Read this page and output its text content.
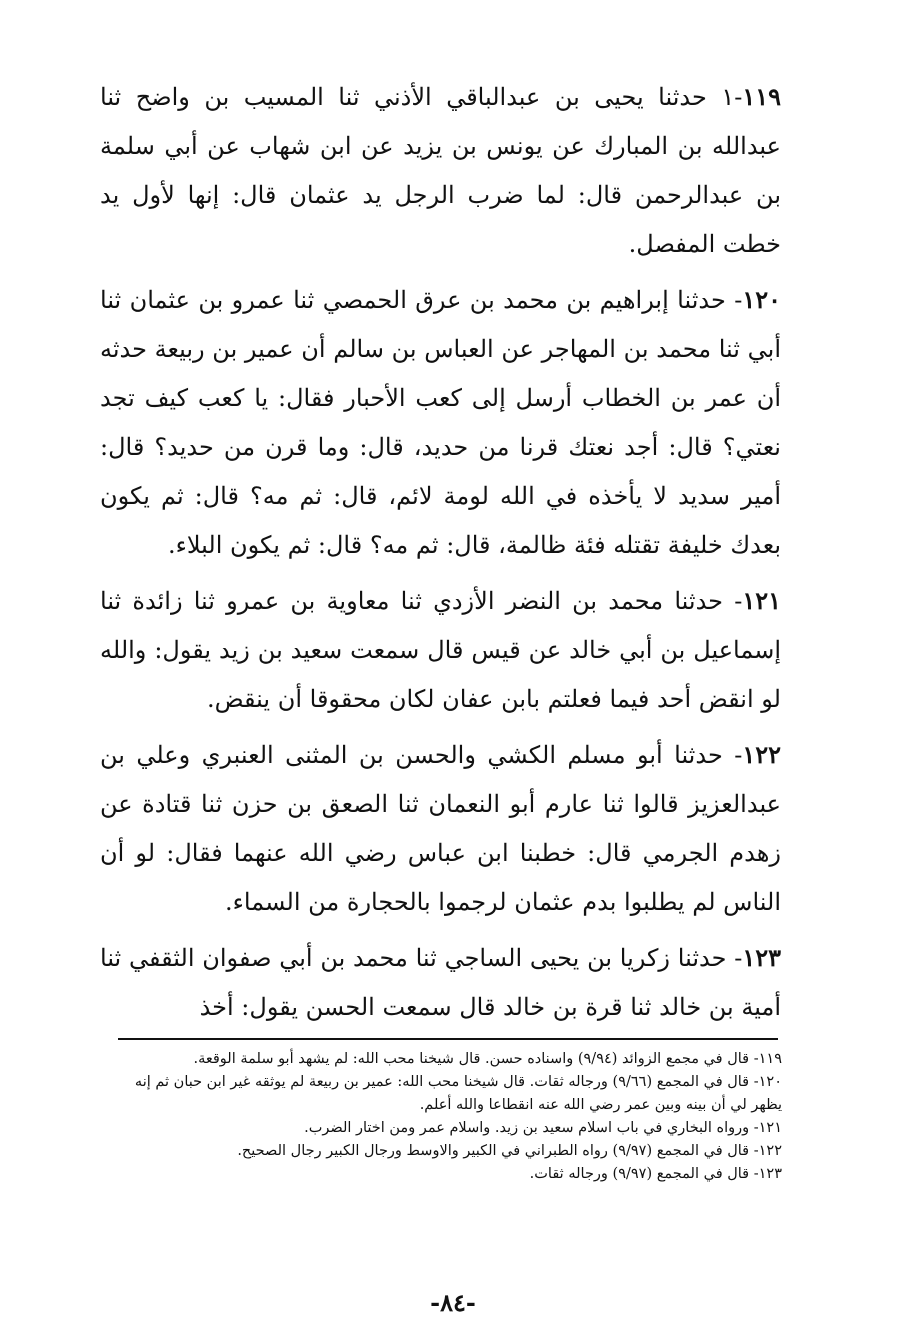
١١٩-١ حدثنا يحيى بن عبدالباقي الأذني ثنا المسيب بن واضح ثنا عبدالله بن المبارك عن يونس بن يزيد عن ابن شهاب عن أبي سلمة بن عبدالرحمن قال: لما ضرب الرجل يد عثمان قال: إنها لأول يد خطت المفصل.

١٢٠- حدثنا إبراهيم بن محمد بن عرق الحمصي ثنا عمرو بن عثمان ثنا أبي ثنا محمد بن المهاجر عن العباس بن سالم أن عمير بن ربيعة حدثه أن عمر بن الخطاب أرسل إلى كعب الأحبار فقال: يا كعب كيف تجد نعتي؟ قال: أجد نعتك قرنا من حديد، قال: وما قرن من حديد؟ قال: أمير سديد لا يأخذه في الله لومة لائم، قال: ثم مه؟ قال: ثم يكون بعدك خليفة تقتله فئة ظالمة، قال: ثم مه؟ قال: ثم يكون البلاء.

١٢١- حدثنا محمد بن النضر الأزدي ثنا معاوية بن عمرو ثنا زائدة ثنا إسماعيل بن أبي خالد عن قيس قال سمعت سعيد بن زيد يقول: والله لو انقض أحد فيما فعلتم بابن عفان لكان محقوقا أن ينقض.

١٢٢- حدثنا أبو مسلم الكشي والحسن بن المثنى العنبري وعلي بن عبدالعزيز قالوا ثنا عارم أبو النعمان ثنا الصعق بن حزن ثنا قتادة عن زهدم الجرمي قال: خطبنا ابن عباس رضي الله عنهما فقال: لو أن الناس لم يطلبوا بدم عثمان لرجموا بالحجارة من السماء.

١٢٣- حدثنا زكريا بن يحيى الساجي ثنا محمد بن أبي صفوان الثقفي ثنا أمية بن خالد ثنا قرة بن خالد قال سمعت الحسن يقول: أخذ

١١٩- قال في مجمع الزوائد (٩/٩٤) واسناده حسن. قال شيخنا محب الله: لم يشهد أبو سلمة الوقعة.

١٢٠- قال في المجمع (٩/٦٦) ورجاله ثقات. قال شيخنا محب الله: عمير بن ربيعة لم يوثقه غير ابن حبان ثم إنه يظهر لي أن بينه وبين عمر رضي الله عنه انقطاعا والله أعلم.

١٢١- ورواه البخاري في باب اسلام سعيد بن زيد. واسلام عمر ومن اختار الضرب.

١٢٢- قال في المجمع (٩/٩٧) رواه الطبراني في الكبير والاوسط ورجال الكبير رجال الصحيح.

١٢٣- قال في المجمع (٩/٩٧) ورجاله ثقات.

-٨٤-
